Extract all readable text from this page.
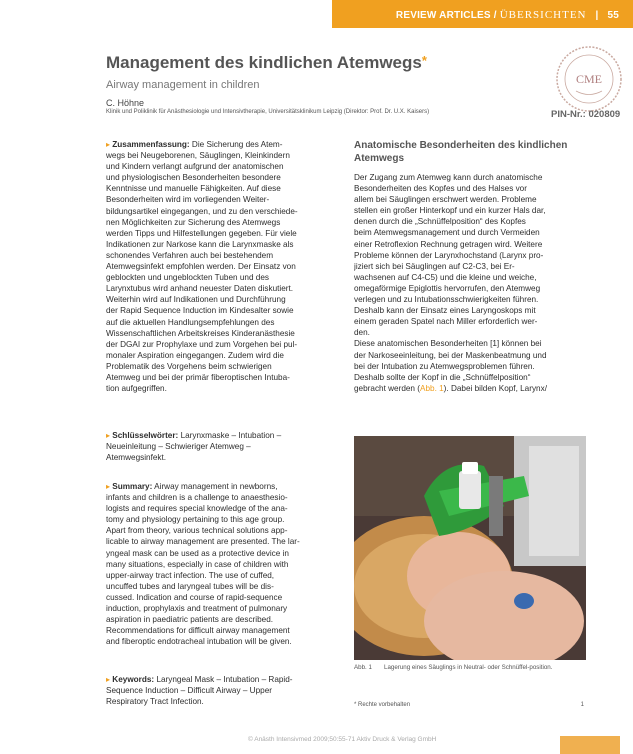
REVIEW ARTICLES / ÜBERSICHTEN | 55
Management des kindlichen Atemwegs*
Airway management in children
C. Höhne
Klinik und Poliklinik für Anästhesiologie und Intensivtherapie, Universitätsklinikum Leipzig (Direktor: Prof. Dr. U.X. Kaisers)
CME
PIN-Nr.: 020809
▸ Zusammenfassung: Die Sicherung des Atem-
wegs bei Neugeborenen, Säuglingen, Kleinkindern
und Kindern verlangt aufgrund der anatomischen
und physiologischen Besonderheiten besondere
Kenntnisse und manuelle Fähigkeiten. Auf diese
Besonderheiten wird im vorliegenden Weiter-
bildungsartikel eingegangen, und zu den verschiede-
nen Möglichkeiten zur Sicherung des Atemwegs
werden Tipps und Hilfestellungen gegeben. Für viele
Indikationen zur Narkose kann die Larynxmaske als
schonendes Verfahren auch bei bestehendem
Atemwegsinfekt empfohlen werden. Der Einsatz von
geblockten und ungeblockten Tuben und des
Larynxtubus wird anhand neuester Daten diskutiert.
Weiterhin wird auf Indikationen und Durchführung
der Rapid Sequence Induction im Kindesalter sowie
auf die aktuellen Handlungsempfehlungen des
Wissenschaftlichen Arbeitskreises Kinderanästhesie
der DGAI zur Prophylaxe und zum Vorgehen bei pul-
monaler Aspiration eingegangen. Zudem wird die
Problematik des Vorgehens beim schwierigen
Atemweg und bei der primär fiberoptischen Intuba-
tion aufgegriffen.
▸ Schlüsselwörter: Larynxmaske – Intubation –
Neueinleitung – Schwieriger Atemweg –
Atemwegsinfekt.
▸ Summary: Airway management in newborns,
infants and children is a challenge to anaesthesio-
logists and requires special knowledge of the ana-
tomy and physiology pertaining to this age group.
Apart from theory, various technical solutions app-
licable to airway management are presented. The lar-
yngeal mask can be used as a protective device in
many situations, especially in case of children with
upper-airway tract infection. The use of cuffed,
uncuffed tubes and laryngeal tubes will be dis-
cussed. Indication and course of rapid-sequence
induction, prophylaxis and treatment of pulmonary
aspiration in paediatric patients are described.
Recommendations for difficult airway management
and fiberoptic endotracheal intubation will be given.
▸ Keywords: Laryngeal Mask – Intubation – Rapid-
Sequence Induction – Difficult Airway – Upper
Respiratory Tract Infection.
Anatomische Besonderheiten des kindlichen Atemwegs
Der Zugang zum Atemweg kann durch anatomische
Besonderheiten des Kopfes und des Halses vor
allem bei Säuglingen erschwert werden. Probleme
stellen ein großer Hinterkopf und ein kurzer Hals dar,
denen durch die „Schnüffelposition“ des Kopfes
beim Atemwegsmanagement und durch Vermeiden
einer Retroflexion Rechnung getragen wird. Weitere
Probleme können der Larynxhochstand (Larynx pro-
jiziert sich bei Säuglingen auf C2-C3, bei Er-
wachsenen auf C4-C5) und die kleine und weiche,
omegaförmige Epiglottis hervorrufen, den Atemweg
verlegen und zu Intubationsschwierigkeiten führen.
Deshalb kann der Einsatz eines Laryngoskops mit
einem geraden Spatel nach Miller erforderlich wer-
den.
Diese anatomischen Besonderheiten [1] können bei
der Narkoseeinleitung, bei der Maskenbeatmung und
bei der Intubation zu Atemwegsproblemen führen.
Deshalb sollte der Kopf in die „Schnüffelposition“
gebracht werden (Abb. 1). Dabei bilden Kopf, Larynx/
Abb. 1 Lagerung eines Säuglings in Neutral- oder Schnüffel-position.
* Rechte vorbehalten	1
© Anästh Intensivmed 2009;50:55-71 Aktiv Druck & Verlag GmbH
